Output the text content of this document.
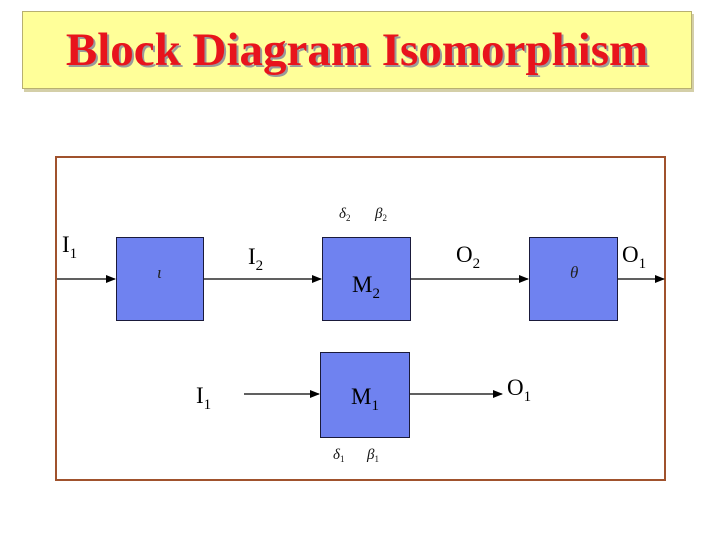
Block Diagram Isomorphism
ι	$M_2$
θ
$M_1$
$I_1$	$I_2$	$O_2$	$O_1$
$I_1$
$O_1$
$\delta_2$ $\beta_2$
$\delta_1$ $\beta_1$
